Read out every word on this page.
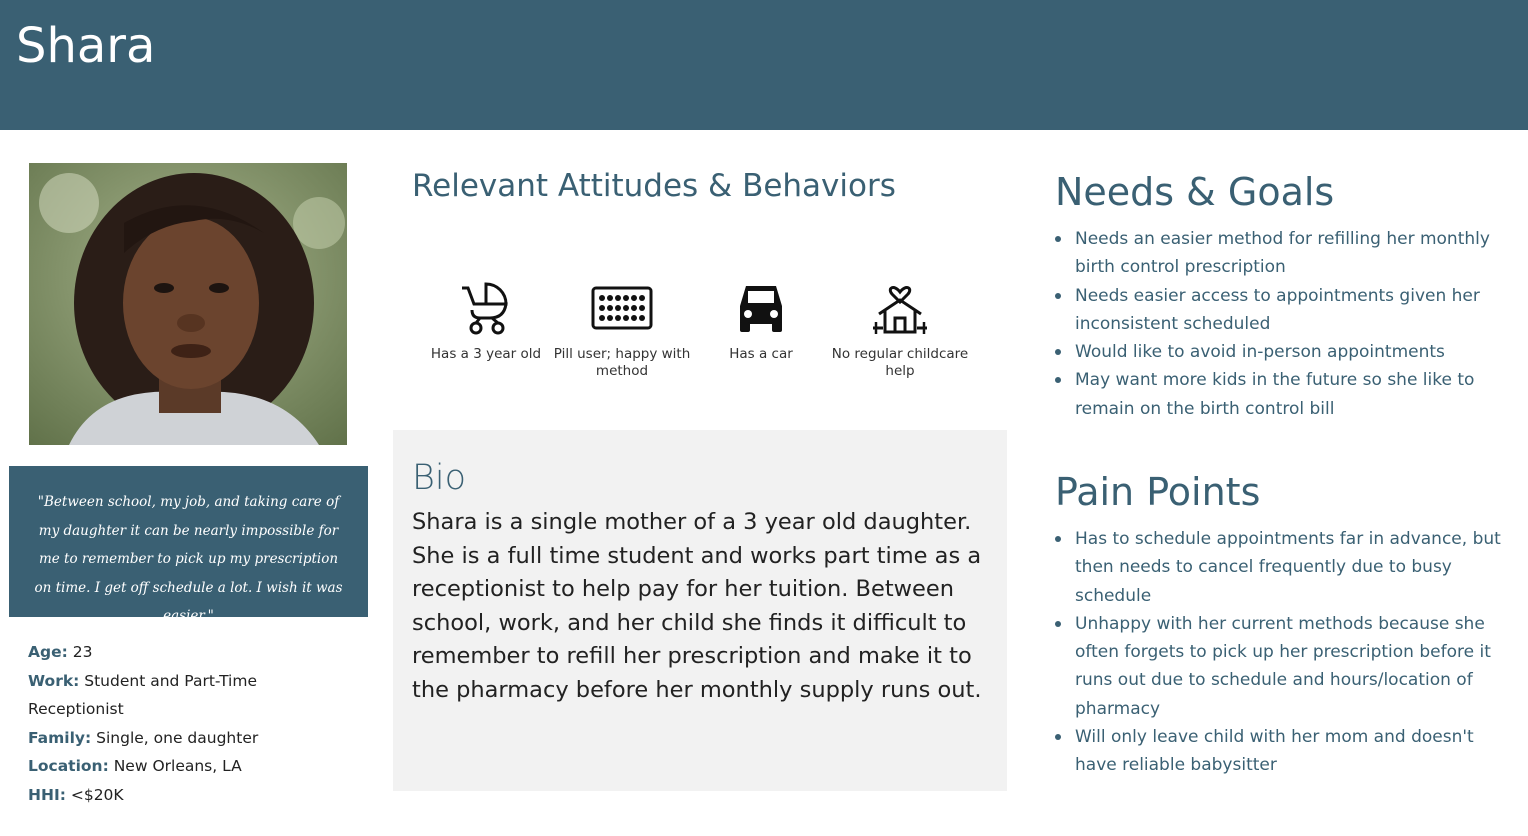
Shara
"Between school, my job, and taking care of my daughter it can be nearly impossible for me to remember to pick up my prescription on time. I get off schedule a lot. I wish it was easier."
Age: 23
Work: Student and Part-Time Receptionist
Family: Single, one daughter
Location: New Orleans, LA
HHI: <$20K
Relevant Attitudes & Behaviors
Has a 3 year old Pill user; happy with method
Has a car	No regular childcare help
Bio
Shara is a single mother of a 3 year old daughter. She is a full time student and works part time as a receptionist to help pay for her tuition. Between school, work, and her child she finds it difficult to remember to refill her prescription and make it to the pharmacy before her monthly supply runs out.
Needs & Goals
Needs an easier method for refilling her monthly birth control prescription
Needs easier access to appointments given her inconsistent scheduled
Would like to avoid in-person appointments
May want more kids in the future so she like to remain on the birth control bill
Pain Points
Has to schedule appointments far in advance, but then needs to cancel frequently due to busy schedule
Unhappy with her current methods because she often forgets to pick up her prescription before it runs out due to schedule and hours/location of pharmacy
Will only leave child with her mom and doesn't have reliable babysitter
